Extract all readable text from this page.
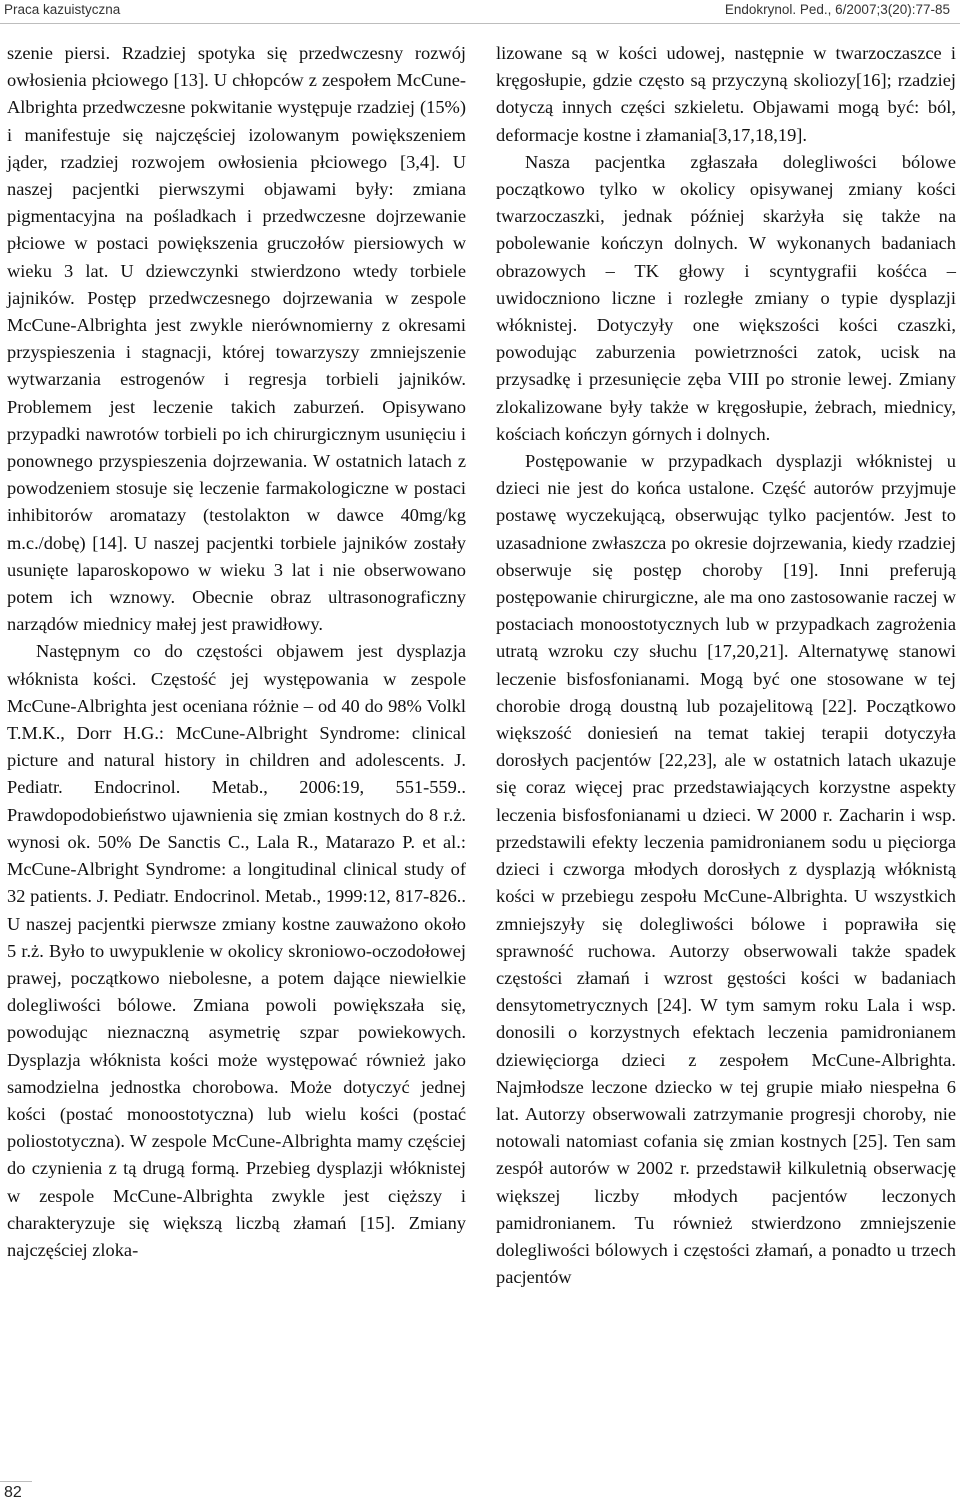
Praca kazuistyczna	Endokrynol. Ped., 6/2007;3(20):77-85

szenie piersi. Rzadziej spotyka się przedwczesny rozwój owłosienia płciowego [13]. U chłopców z zespołem McCune-Albrighta przedwczesne pokwitanie występuje rzadziej (15%) i manifestuje się najczęściej izolowanym powiększeniem jąder, rzadziej rozwojem owłosienia płciowego [3,4]. U naszej pacjentki pierwszymi objawami były: zmiana pigmentacyjna na pośladkach i przedwczesne dojrzewanie płciowe w postaci powiększenia gruczołów piersiowych w wieku 3 lat. U dziewczynki stwierdzono wtedy torbiele jajników. Postęp przedwczesnego dojrzewania w zespole McCune-Albrighta jest zwykle nierównomierny z okresami przyspieszenia i stagnacji, której towarzyszy zmniejszenie wytwarzania estrogenów i regresja torbieli jajników. Problemem jest leczenie takich zaburzeń. Opisywano przypadki nawrotów torbieli po ich chirurgicznym usunięciu i ponownego przyspieszenia dojrzewania. W ostatnich latach z powodzeniem stosuje się leczenie farmakologiczne w postaci inhibitorów aromatazy (testolakton w dawce 40mg/kg m.c./dobę) [14]. U naszej pacjentki torbiele jajników zostały usunięte laparoskopowo w wieku 3 lat i nie obserwowano potem ich wznowy. Obecnie obraz ultrasonograficzny narządów miednicy małej jest prawidłowy.

Następnym co do częstości objawem jest dysplazja włóknista kości. Częstość jej występowania w zespole McCune-Albrighta jest oceniana różnie – od 40 do 98% Volkl T.M.K., Dorr H.G.: McCune-Albright Syndrome: clinical picture and natural history in children and adolescents. J. Pediatr. Endocrinol. Metab., 2006:19, 551-559.. Prawdopodobieństwo ujawnienia się zmian kostnych do 8 r.ż. wynosi ok. 50% De Sanctis C., Lala R., Matarazo P. et al.: McCune-Albright Syndrome: a longitudinal clinical study of 32 patients. J. Pediatr. Endocrinol. Metab., 1999:12, 817-826.. U naszej pacjentki pierwsze zmiany kostne zauważono około 5 r.ż. Było to uwypuklenie w okolicy skroniowo-oczodołowej prawej, początkowo niebolesne, a potem dające niewielkie dolegliwości bólowe. Zmiana powoli powiększała się, powodując nieznaczną asymetrię szpar powiekowych. Dysplazja włóknista kości może występować również jako samodzielna jednostka chorobowa. Może dotyczyć jednej kości (postać monoostotyczna) lub wielu kości (postać poliostotyczna). W zespole McCune-Albrighta mamy częściej do czynienia z tą drugą formą. Przebieg dysplazji włóknistej w zespole McCune-Albrighta zwykle jest cięższy i charakteryzuje się większą liczbą złamań [15]. Zmiany najczęściej zloka-

lizowane są w kości udowej, następnie w twarzoczaszce i kręgosłupie, gdzie często są przyczyną skoliozy[16]; rzadziej dotyczą innych części szkieletu. Objawami mogą być: ból, deformacje kostne i złamania[3,17,18,19].

Nasza pacjentka zgłaszała dolegliwości bólowe początkowo tylko w okolicy opisywanej zmiany kości twarzoczaszki, jednak później skarżyła się także na pobolewanie kończyn dolnych. W wykonanych badaniach obrazowych – TK głowy i scyntygrafii kośćca – uwidoczniono liczne i rozległe zmiany o typie dysplazji włóknistej. Dotyczyły one większości kości czaszki, powodując zaburzenia powietrzności zatok, ucisk na przysadkę i przesunięcie zęba VIII po stronie lewej. Zmiany zlokalizowane były także w kręgosłupie, żebrach, miednicy, kościach kończyn górnych i dolnych.

Postępowanie w przypadkach dysplazji włóknistej u dzieci nie jest do końca ustalone. Część autorów przyjmuje postawę wyczekującą, obserwując tylko pacjentów. Jest to uzasadnione zwłaszcza po okresie dojrzewania, kiedy rzadziej obserwuje się postęp choroby [19]. Inni preferują postępowanie chirurgiczne, ale ma ono zastosowanie raczej w postaciach monoostotycznych lub w przypadkach zagrożenia utratą wzroku czy słuchu [17,20,21]. Alternatywę stanowi leczenie bisfosfonianami. Mogą być one stosowane w tej chorobie drogą doustną lub pozajelitową [22]. Początkowo większość doniesień na temat takiej terapii dotyczyła dorosłych pacjentów [22,23], ale w ostatnich latach ukazuje się coraz więcej prac przedstawiających korzystne aspekty leczenia bisfosfonianami u dzieci. W 2000 r. Zacharin i wsp. przedstawili efekty leczenia pamidronianem sodu u pięciorga dzieci i czworga młodych dorosłych z dysplazją włóknistą kości w przebiegu zespołu McCune-Albrighta. U wszystkich zmniejszyły się dolegliwości bólowe i poprawiła się sprawność ruchowa. Autorzy obserwowali także spadek częstości złamań i wzrost gęstości kości w badaniach densytometrycznych [24]. W tym samym roku Lala i wsp. donosili o korzystnych efektach leczenia pamidronianem dziewięciorga dzieci z zespołem McCune-Albrighta. Najmłodsze leczone dziecko w tej grupie miało niespełna 6 lat. Autorzy obserwowali zatrzymanie progresji choroby, nie notowali natomiast cofania się zmian kostnych [25]. Ten sam zespół autorów w 2002 r. przedstawił kilkuletnią obserwację większej liczby młodych pacjentów leczonych pamidronianem. Tu również stwierdzono zmniejszenie dolegliwości bólowych i częstości złamań, a ponadto u trzech pacjentów

82
